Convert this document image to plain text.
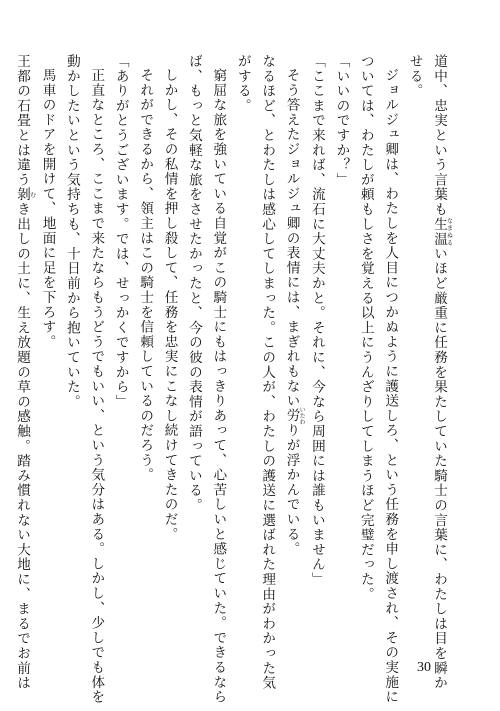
道中、忠実という言葉も生温なまぬるいほど厳重に任務を果たしていた騎士の言葉に、わたしは目を瞬か
せる。
ジョルジュ卿は、わたしを人目につかぬように護送しろ、という任務を申し渡され、その実施に
ついては、わたしが頼もしさを覚える以上にうんざりしてしまうほど完璧だった。
「いいのですか？」
「ここまで来れば、流石に大丈夫かと。それに、今なら周囲には誰もいません」
そう答えたジョルジュ卿の表情には、まぎれもない労いたわりが浮かんでいる。
なるほど、とわたしは感心してしまった。この人が、わたしの護送に選ばれた理由がわかった気
がする。
窮屈な旅を強いている自覚がこの騎士にもはっきりあって、心苦しいと感じていた。できるなら
ば、もっと気軽な旅をさせたかったと、今の彼の表情が語っている。
しかし、その私情を押し殺して、任務を忠実にこなし続けてきたのだ。
それができるから、領主はこの騎士を信頼しているのだろう。
「ありがとうございます。では、せっかくですから」
正直なところ、ここまで来たならもうどうでもいい、という気分はある。しかし、少しでも体を
動かしたいという気持ちも、十日前から抱いていた。
馬車のドアを開けて、地面に足を下ろす。
王都の石畳とは違う剝むき出しの土に、生え放題の草の感触。踏み慣れない大地に、まるでお前は	30
